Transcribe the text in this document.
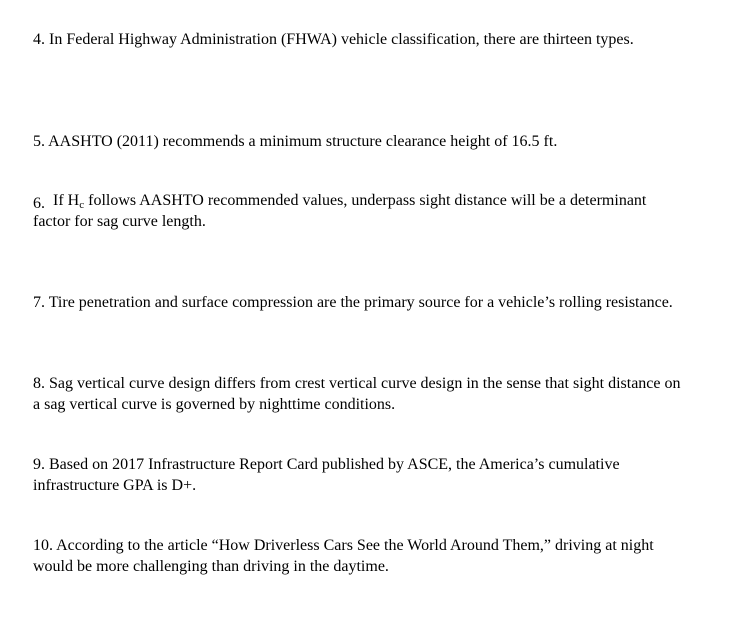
4. In Federal Highway Administration (FHWA) vehicle classification, there are thirteen types.

5. AASHTO (2011) recommends a minimum structure clearance height of 16.5 ft.

6. If $H_c$ follows AASHTO recommended values, underpass sight distance will be a determinant factor for sag curve length.

7. Tire penetration and surface compression are the primary source for a vehicle’s rolling resistance.

8. Sag vertical curve design differs from crest vertical curve design in the sense that sight distance on a sag vertical curve is governed by nighttime conditions.

9. Based on 2017 Infrastructure Report Card published by ASCE, the America’s cumulative infrastructure GPA is D+.

10. According to the article “How Driverless Cars See the World Around Them,” driving at night would be more challenging than driving in the daytime.
